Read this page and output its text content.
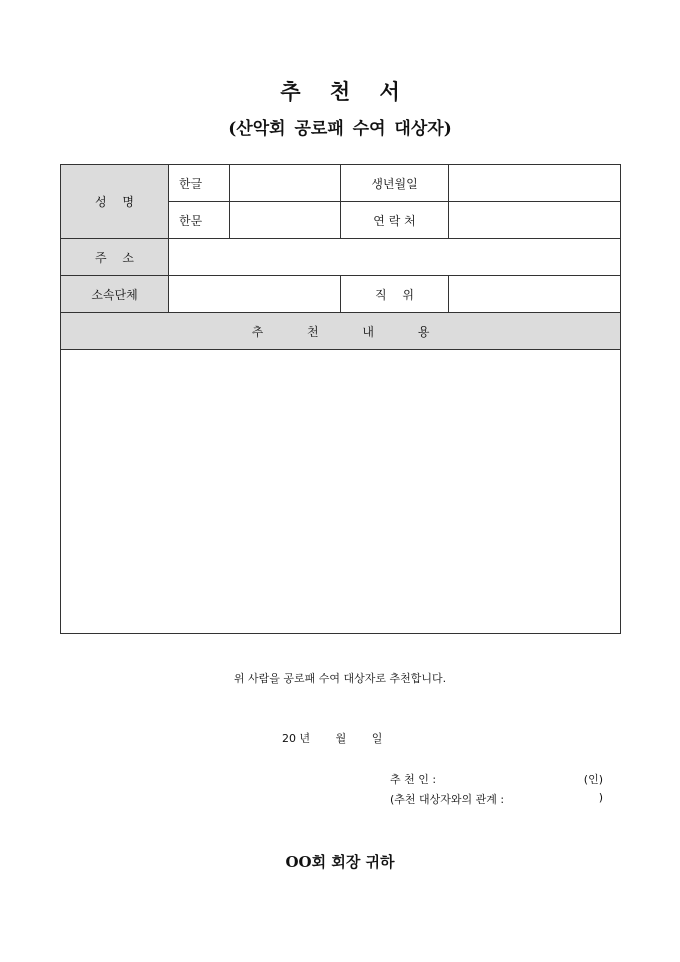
추 천 서
(산악회 공로패 수여 대상자)
성 명	한글		생년월일	
	한문		연 락 처	
주 소				
소속단체			직 위	
추 천 내 용				

위 사람을 공로패 수여 대상자로 추천합니다.
20 년 월 일
추 천 인 :	(인)
(추천 대상자와의 관계 :	)
OO회 회장 귀하
